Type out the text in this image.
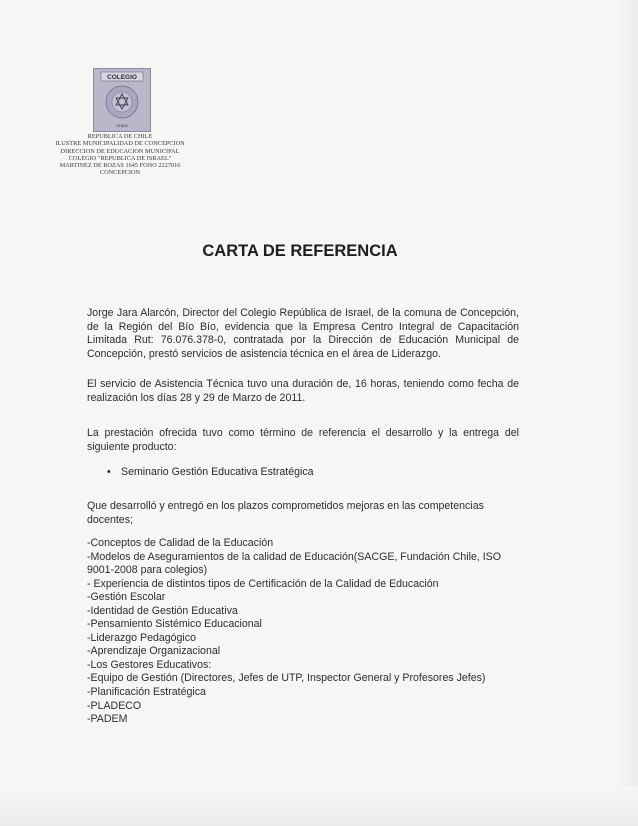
COLEGIO
CHILE
REPUBLICA DE CHILE
ILUSTRE MUNICIPALIDAD DE CONCEPCION
DIRECCION DE EDUCACION MUNICIPAL
COLEGIO "REPUBLICA DE ISRAEL"
MARTINEZ DE ROZAS 1645 FONO 2227016
CONCEPCION
CARTA DE REFERENCIA
Jorge Jara Alarcón, Director del Colegio República de Israel, de la comuna de Concepción, de la Región del Bío Bío, evidencia que la Empresa Centro Integral de Capacitación Limitada Rut: 76.076.378-0, contratada por la Dirección de Educación Municipal de Concepción, prestó servicios de asistencia técnica en el área de Liderazgo.
El servicio de Asistencia Técnica tuvo una duración de, 16 horas, teniendo como fecha de realización los días 28 y 29 de Marzo de 2011.
La prestación ofrecida tuvo como término de referencia el desarrollo y la entrega del siguiente producto:
• Seminario Gestión Educativa Estratégica
Que desarrolló y entregó en los plazos comprometidos mejoras en las competencias docentes;
-Conceptos de Calidad de la Educación
-Modelos de Aseguramientos de la calidad de Educación(SACGE, Fundación Chile, ISO
9001-2008 para colegios)
- Experiencia de distintos tipos de Certificación de la Calidad de Educación
-Gestión Escolar
-Identidad de Gestión Educativa
-Pensamiento Sistémico Educacional
-Liderazgo Pedagógico
-Aprendizaje Organizacional
-Los Gestores Educativos:
-Equipo de Gestión (Directores, Jefes de UTP, Inspector General y Profesores Jefes)
-Planificación Estratégica
-PLADECO
-PADEM
